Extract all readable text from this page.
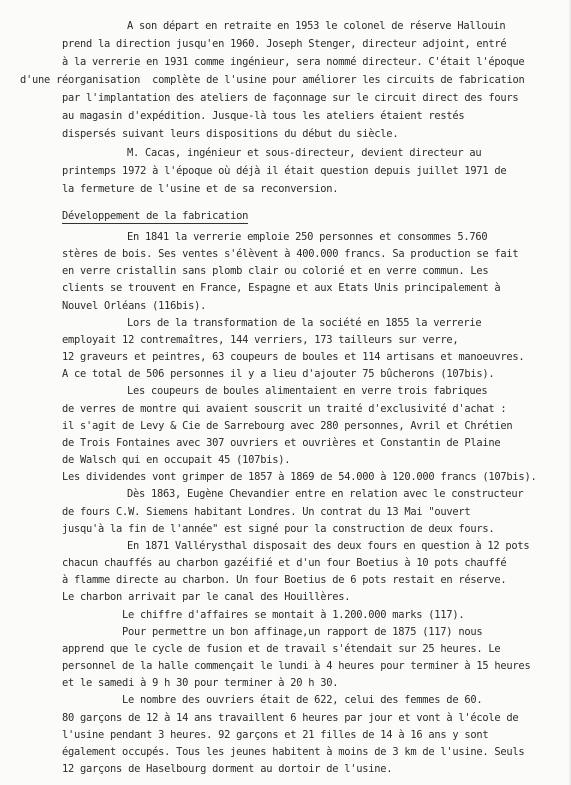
A son départ en retraite en 1953 le colonel de réserve Hallouin
prend la direction jusqu'en 1960. Joseph Stenger, directeur adjoint, entré
à la verrerie en 1931 comme ingénieur, sera nommé directeur. C'était l'époque
d'une réorganisation  complète de l'usine pour améliorer les circuits de fabrication
par l'implantation des ateliers de façonnage sur le circuit direct des fours
au magasin d'expédition. Jusque-là tous les ateliers étaient restés
dispersés suivant leurs dispositions du début du siècle.
M. Cacas, ingénieur et sous-directeur, devient directeur au
printemps 1972 à l'époque où déjà il était question depuis juillet 1971 de
la fermeture de l'usine et de sa reconversion.
Développement de la fabrication
En 1841 la verrerie emploie 250 personnes et consommes 5.760
stères de bois. Ses ventes s'élèvent à 400.000 francs. Sa production se fait
en verre cristallin sans plomb clair ou colorié et en verre commun. Les
clients se trouvent en France, Espagne et aux Etats Unis principalement à
Nouvel Orléans (116bis).
Lors de la transformation de la société en 1855 la verrerie
employait 12 contremaîtres, 144 verriers, 173 tailleurs sur verre,
12 graveurs et peintres, 63 coupeurs de boules et 114 artisans et manoeuvres.
A ce total de 506 personnes il y a lieu d'ajouter 75 bûcherons (107bis).
Les coupeurs de boules alimentaient en verre trois fabriques
de verres de montre qui avaient souscrit un traité d'exclusivité d'achat :
il s'agit de Levy & Cie de Sarrebourg avec 280 personnes, Avril et Chrétien
de Trois Fontaines avec 307 ouvriers et ouvrières et Constantin de Plaine
de Walsch qui en occupait 45 (107bis).
Les dividendes vont grimper de 1857 à 1869 de 54.000 à 120.000 francs (107bis).
Dès 1863, Eugène Chevandier entre en relation avec le constructeur
de fours C.W. Siemens habitant Londres. Un contrat du 13 Mai "ouvert
jusqu'à la fin de l'année" est signé pour la construction de deux fours.
En 1871 Vallérysthal disposait des deux fours en question à 12 pots
chacun chauffés au charbon gazéifié et d'un four Boetius à 10 pots chauffé
à flamme directe au charbon. Un four Boetius de 6 pots restait en réserve.
Le charbon arrivait par le canal des Houillères.
Le chiffre d'affaires se montait à 1.200.000 marks (117).
Pour permettre un bon affinage,un rapport de 1875 (117) nous
apprend que le cycle de fusion et de travail s'étendait sur 25 heures. Le
personnel de la halle commençait le lundi à 4 heures pour terminer à 15 heures
et le samedi à 9 h 30 pour terminer à 20 h 30.
Le nombre des ouvriers était de 622, celui des femmes de 60.
80 garçons de 12 à 14 ans travaillent 6 heures par jour et vont à l'école de
l'usine pendant 3 heures. 92 garçons et 21 filles de 14 à 16 ans y sont
également occupés. Tous les jeunes habitent à moins de 3 km de l'usine. Seuls
12 garçons de Haselbourg dorment au dortoir de l'usine.
